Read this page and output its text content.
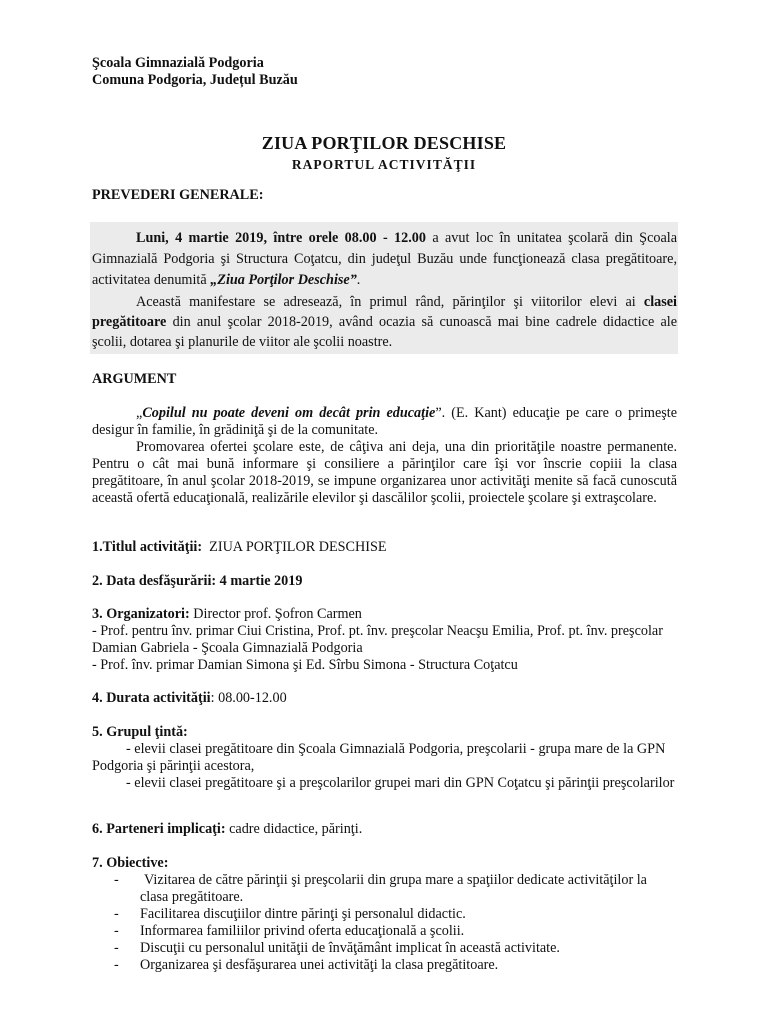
Şcoala Gimnazială Podgoria
Comuna Podgoria, Județul Buzău
ZIUA PORŢILOR DESCHISE
RAPORTUL ACTIVITĂŢII
PREVEDERI GENERALE:
Luni, 4 martie 2019, între orele 08.00 - 12.00 a avut loc în unitatea şcolară din Şcoala Gimnazială Podgoria şi Structura Coţatcu, din judeţul Buzău unde funcţionează clasa pregătitoare, activitatea denumită „Ziua Porţilor Deschise”.
Această manifestare se adresează, în primul rând, părinţilor şi viitorilor elevi ai clasei pregătitoare din anul şcolar 2018-2019, având ocazia să cunoască mai bine cadrele didactice ale şcolii, dotarea şi planurile de viitor ale şcolii noastre.
ARGUMENT
„Copilul nu poate deveni om decât prin educaţie”. (E. Kant) educaţie pe care o primeşte desigur în familie, în grădiniţă şi de la comunitate.
Promovarea ofertei şcolare este, de câţiva ani deja, una din priorităţile noastre permanente. Pentru o cât mai bună informare şi consiliere a părinţilor care îşi vor înscrie copiii la clasa pregătitoare, în anul şcolar 2018-2019, se impune organizarea unor activităţi menite să facă cunoscută această ofertă educaţională, realizările elevilor şi dascălilor şcolii, proiectele şcolare şi extraşcolare.
1.Titlul activităţii: ZIUA PORŢILOR DESCHISE
2. Data desfăşurării: 4 martie 2019
3. Organizatori: Director prof. Şofron Carmen
- Prof. pentru înv. primar Ciui Cristina, Prof. pt. înv. preşcolar Neacşu Emilia, Prof. pt. înv. preşcolar Damian Gabriela - Şcoala Gimnazială Podgoria
- Prof. înv. primar Damian Simona şi Ed. Sîrbu Simona - Structura Coţatcu
4. Durata activităţii: 08.00-12.00
5. Grupul ţintă:
- elevii clasei pregătitoare din Şcoala Gimnazială Podgoria, preşcolarii - grupa mare de la GPN Podgoria şi părinţii acestora,
- elevii clasei pregătitoare şi a preşcolarilor grupei mari din GPN Coţatcu şi părinţii preşcolarilor
6. Parteneri implicaţi: cadre didactice, părinţi.
7. Obiective:
- Vizitarea de către părinţii şi preşcolarii din grupa mare a spaţiilor dedicate activităţilor la clasa pregătitoare.
- Facilitarea discuţiilor dintre părinţi şi personalul didactic.
- Informarea familiilor privind oferta educaţională a şcolii.
- Discuţii cu personalul unităţii de învăţământ implicat în această activitate.
- Organizarea şi desfăşurarea unei activităţi la clasa pregătitoare.
